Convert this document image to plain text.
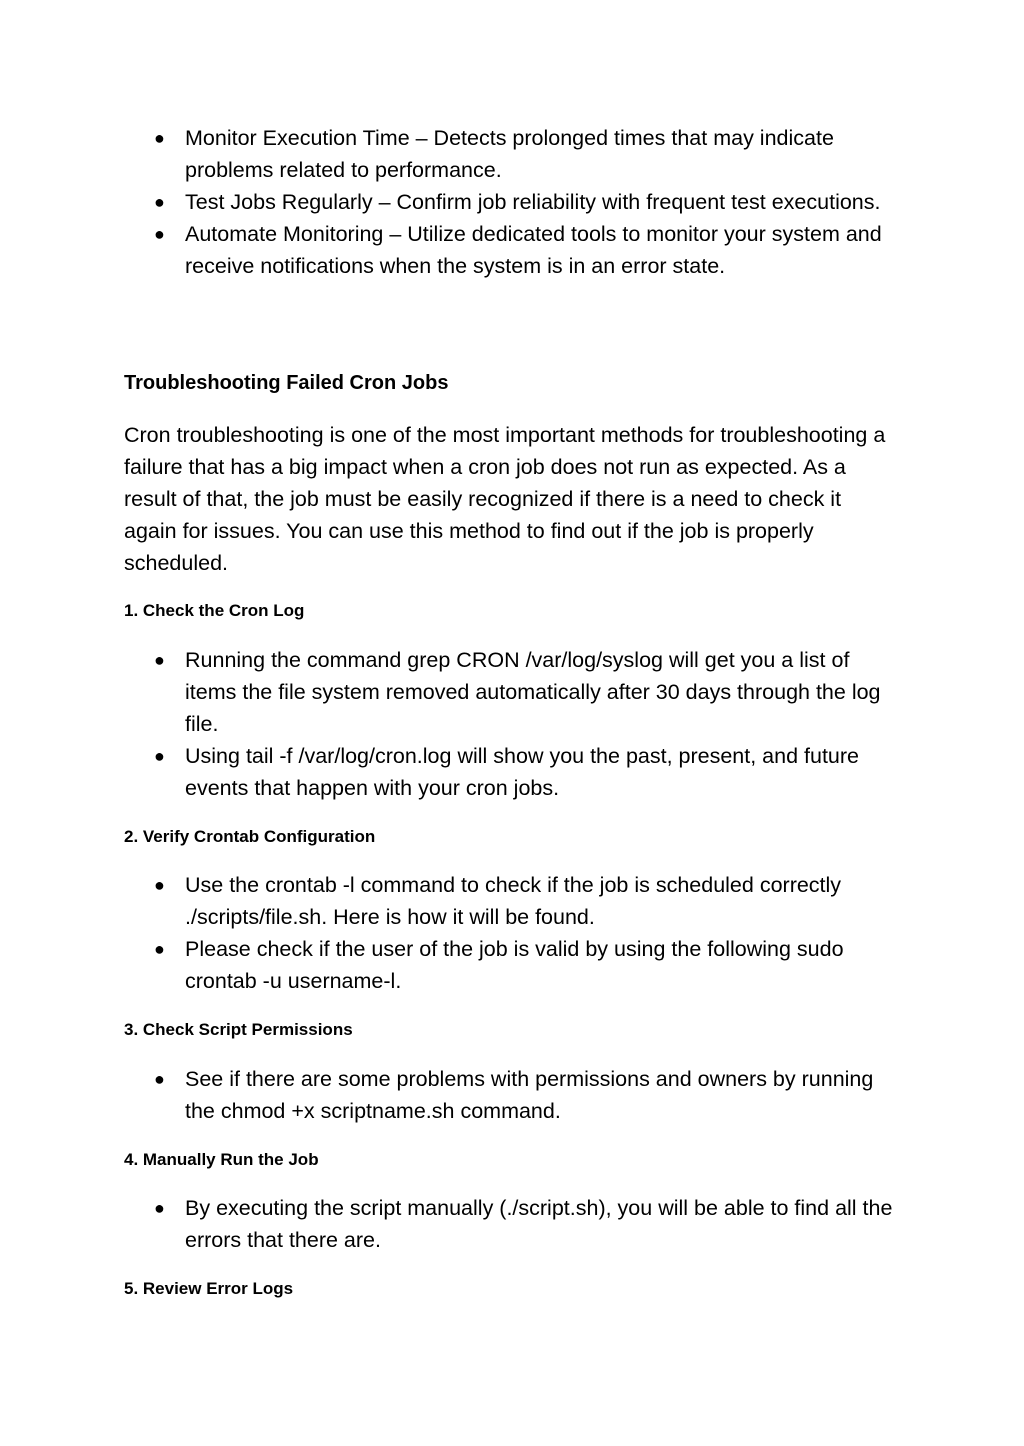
● Monitor Execution Time – Detects prolonged times that may indicate problems related to performance.
● Test Jobs Regularly – Confirm job reliability with frequent test executions.
● Automate Monitoring – Utilize dedicated tools to monitor your system and receive notifications when the system is in an error state.
Troubleshooting Failed Cron Jobs

Cron troubleshooting is one of the most important methods for troubleshooting a failure that has a big impact when a cron job does not run as expected. As a result of that, the job must be easily recognized if there is a need to check it again for issues. You can use this method to find out if the job is properly scheduled.

1. Check the Cron Log
● Running the command grep CRON /var/log/syslog will get you a list of items the file system removed automatically after 30 days through the log file.
● Using tail -f /var/log/cron.log will show you the past, present, and future events that happen with your cron jobs.
2. Verify Crontab Configuration
● Use the crontab -l command to check if the job is scheduled correctly ./scripts/file.sh. Here is how it will be found.
● Please check if the user of the job is valid by using the following sudo crontab -u username-l.
3. Check Script Permissions
● See if there are some problems with permissions and owners by running the chmod +x scriptname.sh command.
4. Manually Run the Job
● By executing the script manually (./script.sh), you will be able to find all the errors that there are.
5. Review Error Logs
